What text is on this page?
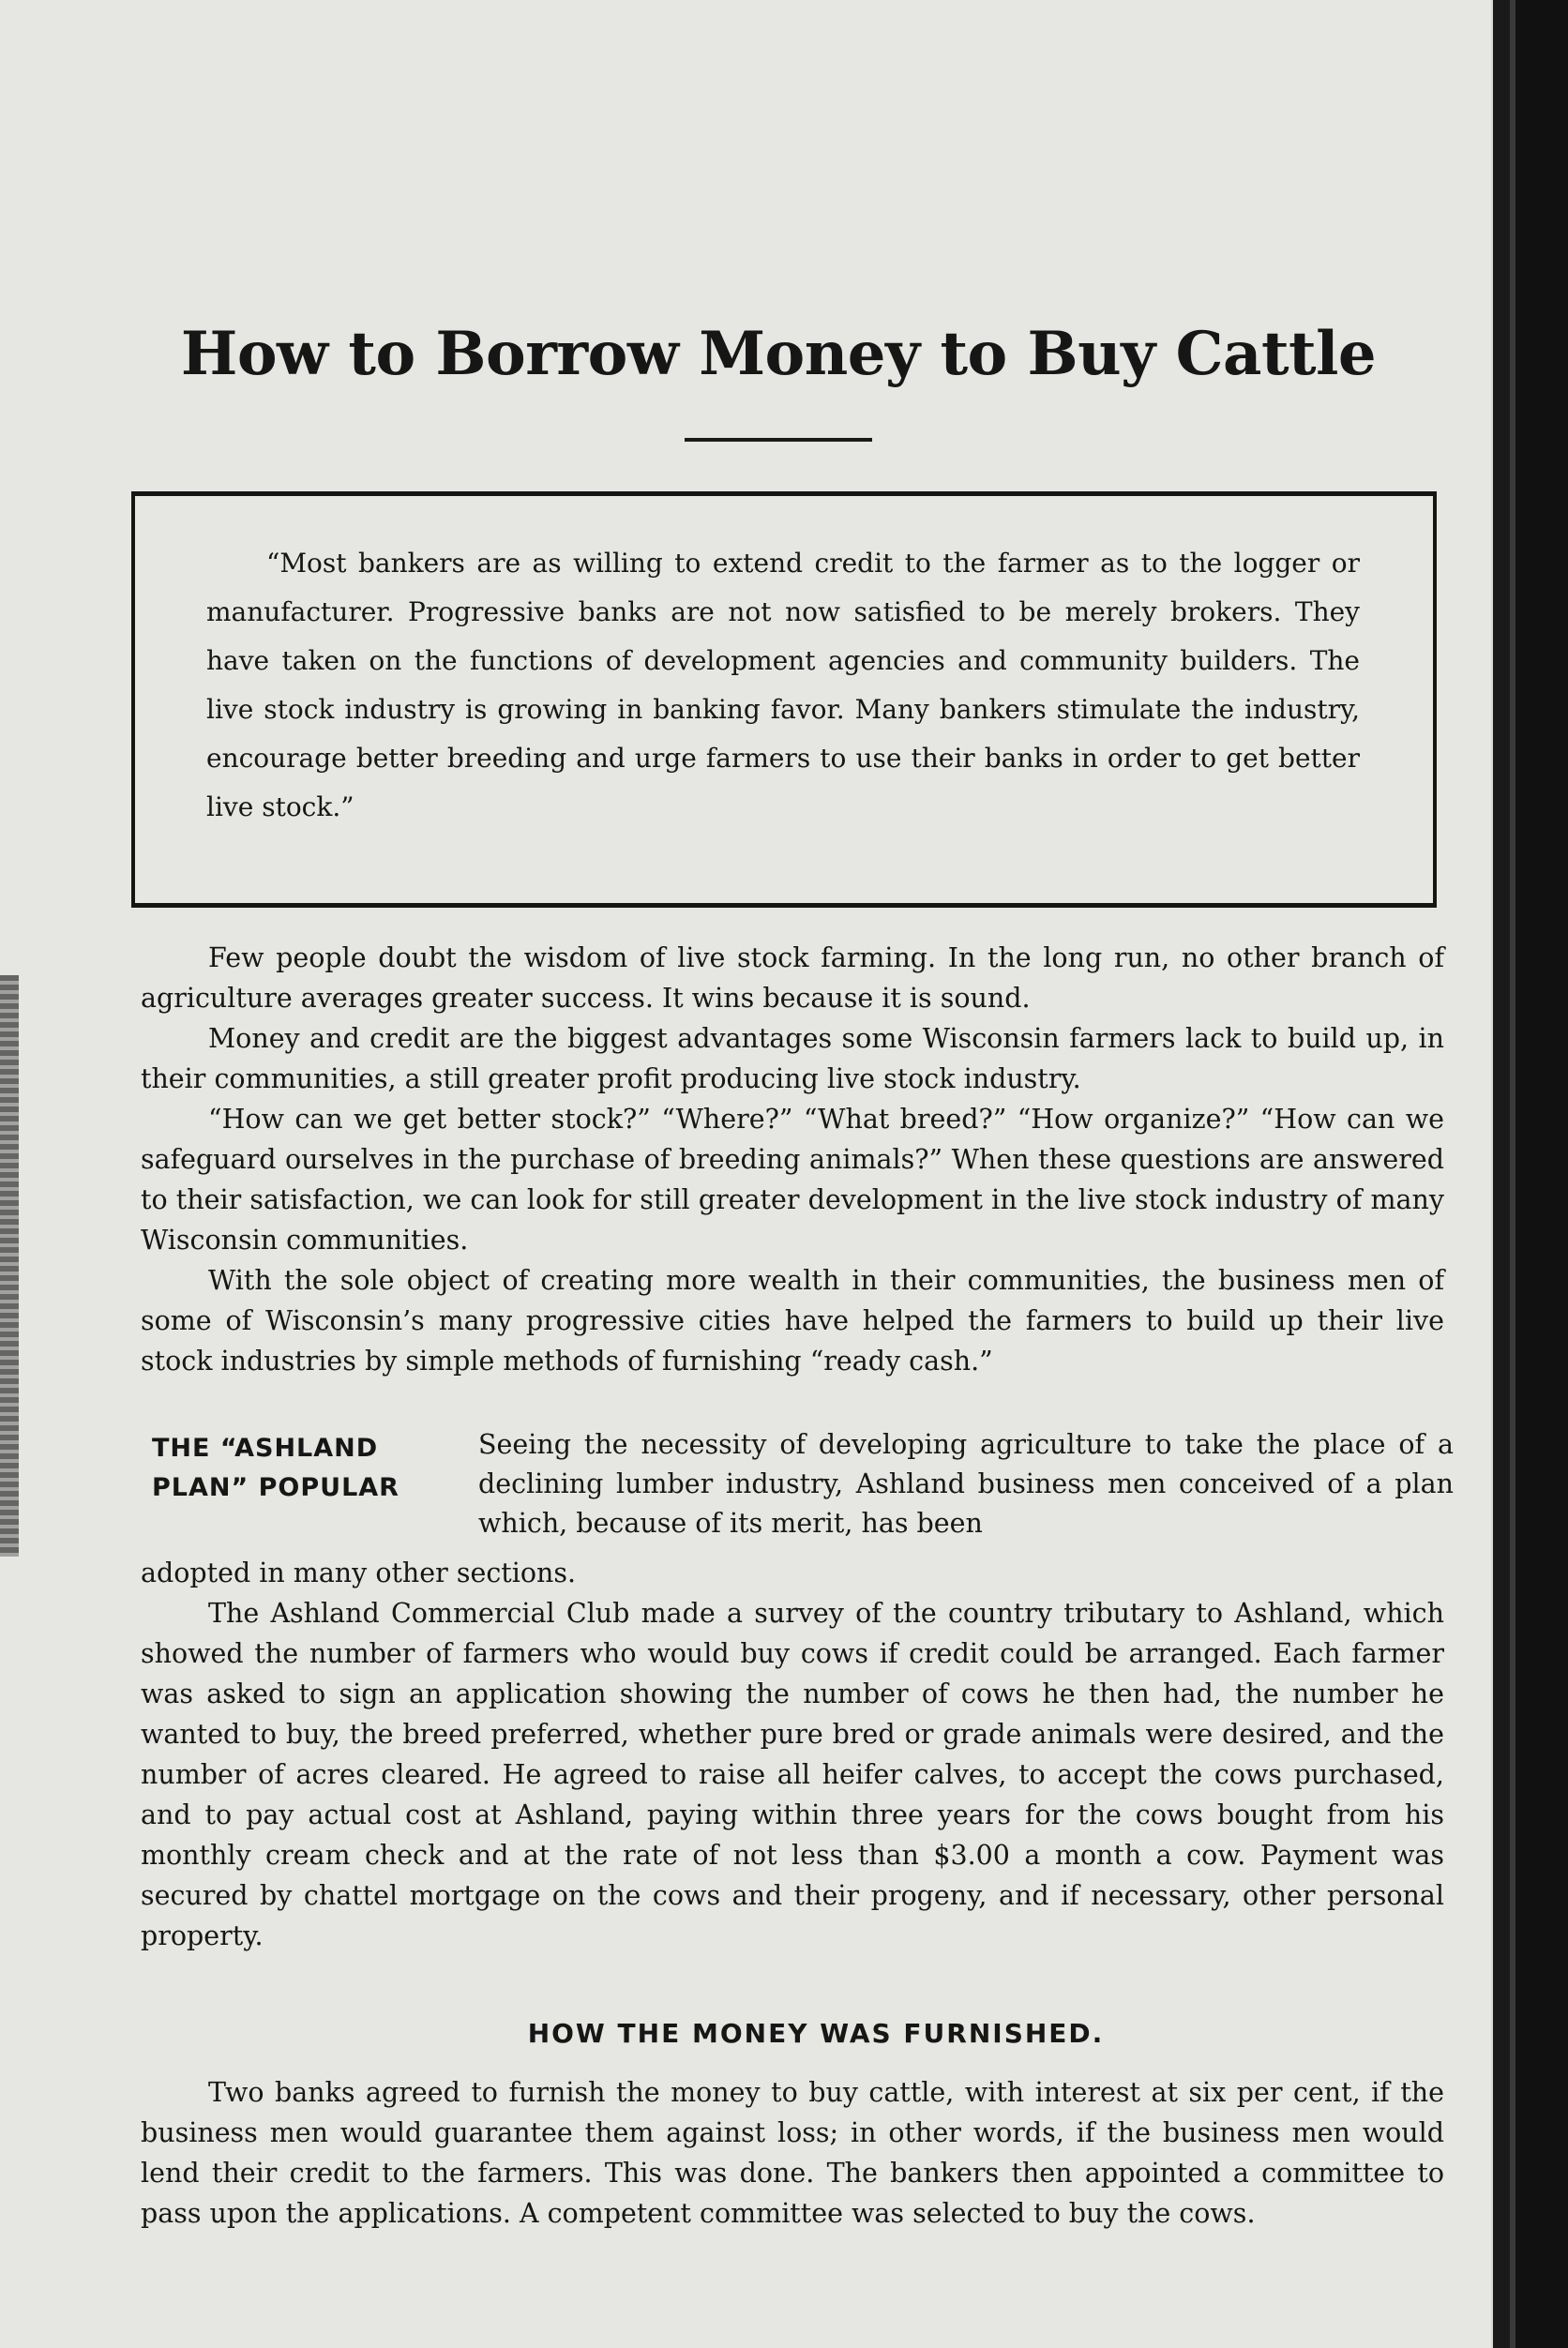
How to Borrow Money to Buy Cattle

“Most bankers are as willing to extend credit to the farmer as to the logger or manufacturer. Progressive banks are not now satisfied to be merely brokers. They have taken on the functions of development agencies and community builders. The live stock industry is growing in banking favor. Many bankers stimulate the industry, encourage better breeding and urge farmers to use their banks in order to get better live stock.”

Few people doubt the wisdom of live stock farming. In the long run, no other branch of agriculture averages greater success. It wins because it is sound.

Money and credit are the biggest advantages some Wisconsin farmers lack to build up, in their communities, a still greater profit producing live stock industry.

“How can we get better stock?” “Where?” “What breed?” “How organize?” “How can we safeguard ourselves in the purchase of breeding animals?” When these questions are answered to their satisfaction, we can look for still greater development in the live stock industry of many Wisconsin communities.

With the sole object of creating more wealth in their communities, the business men of some of Wisconsin’s many progressive cities have helped the farmers to build up their live stock industries by simple methods of furnishing “ready cash.”

THE “ASHLAND
PLAN” POPULAR

Seeing the necessity of developing agriculture to take the place of a declining lumber industry, Ashland business men conceived of a plan which, because of its merit, has been

adopted in many other sections.

The Ashland Commercial Club made a survey of the country tributary to Ashland, which showed the number of farmers who would buy cows if credit could be arranged. Each farmer was asked to sign an application showing the number of cows he then had, the number he wanted to buy, the breed preferred, whether pure bred or grade animals were desired, and the number of acres cleared. He agreed to raise all heifer calves, to accept the cows purchased, and to pay actual cost at Ashland, paying within three years for the cows bought from his monthly cream check and at the rate of not less than $3.00 a month a cow. Payment was secured by chattel mortgage on the cows and their progeny, and if necessary, other personal property.

HOW THE MONEY WAS FURNISHED.

Two banks agreed to furnish the money to buy cattle, with interest at six per cent, if the business men would guarantee them against loss; in other words, if the business men would lend their credit to the farmers. This was done. The bankers then appointed a committee to pass upon the applications. A competent committee was selected to buy the cows.
